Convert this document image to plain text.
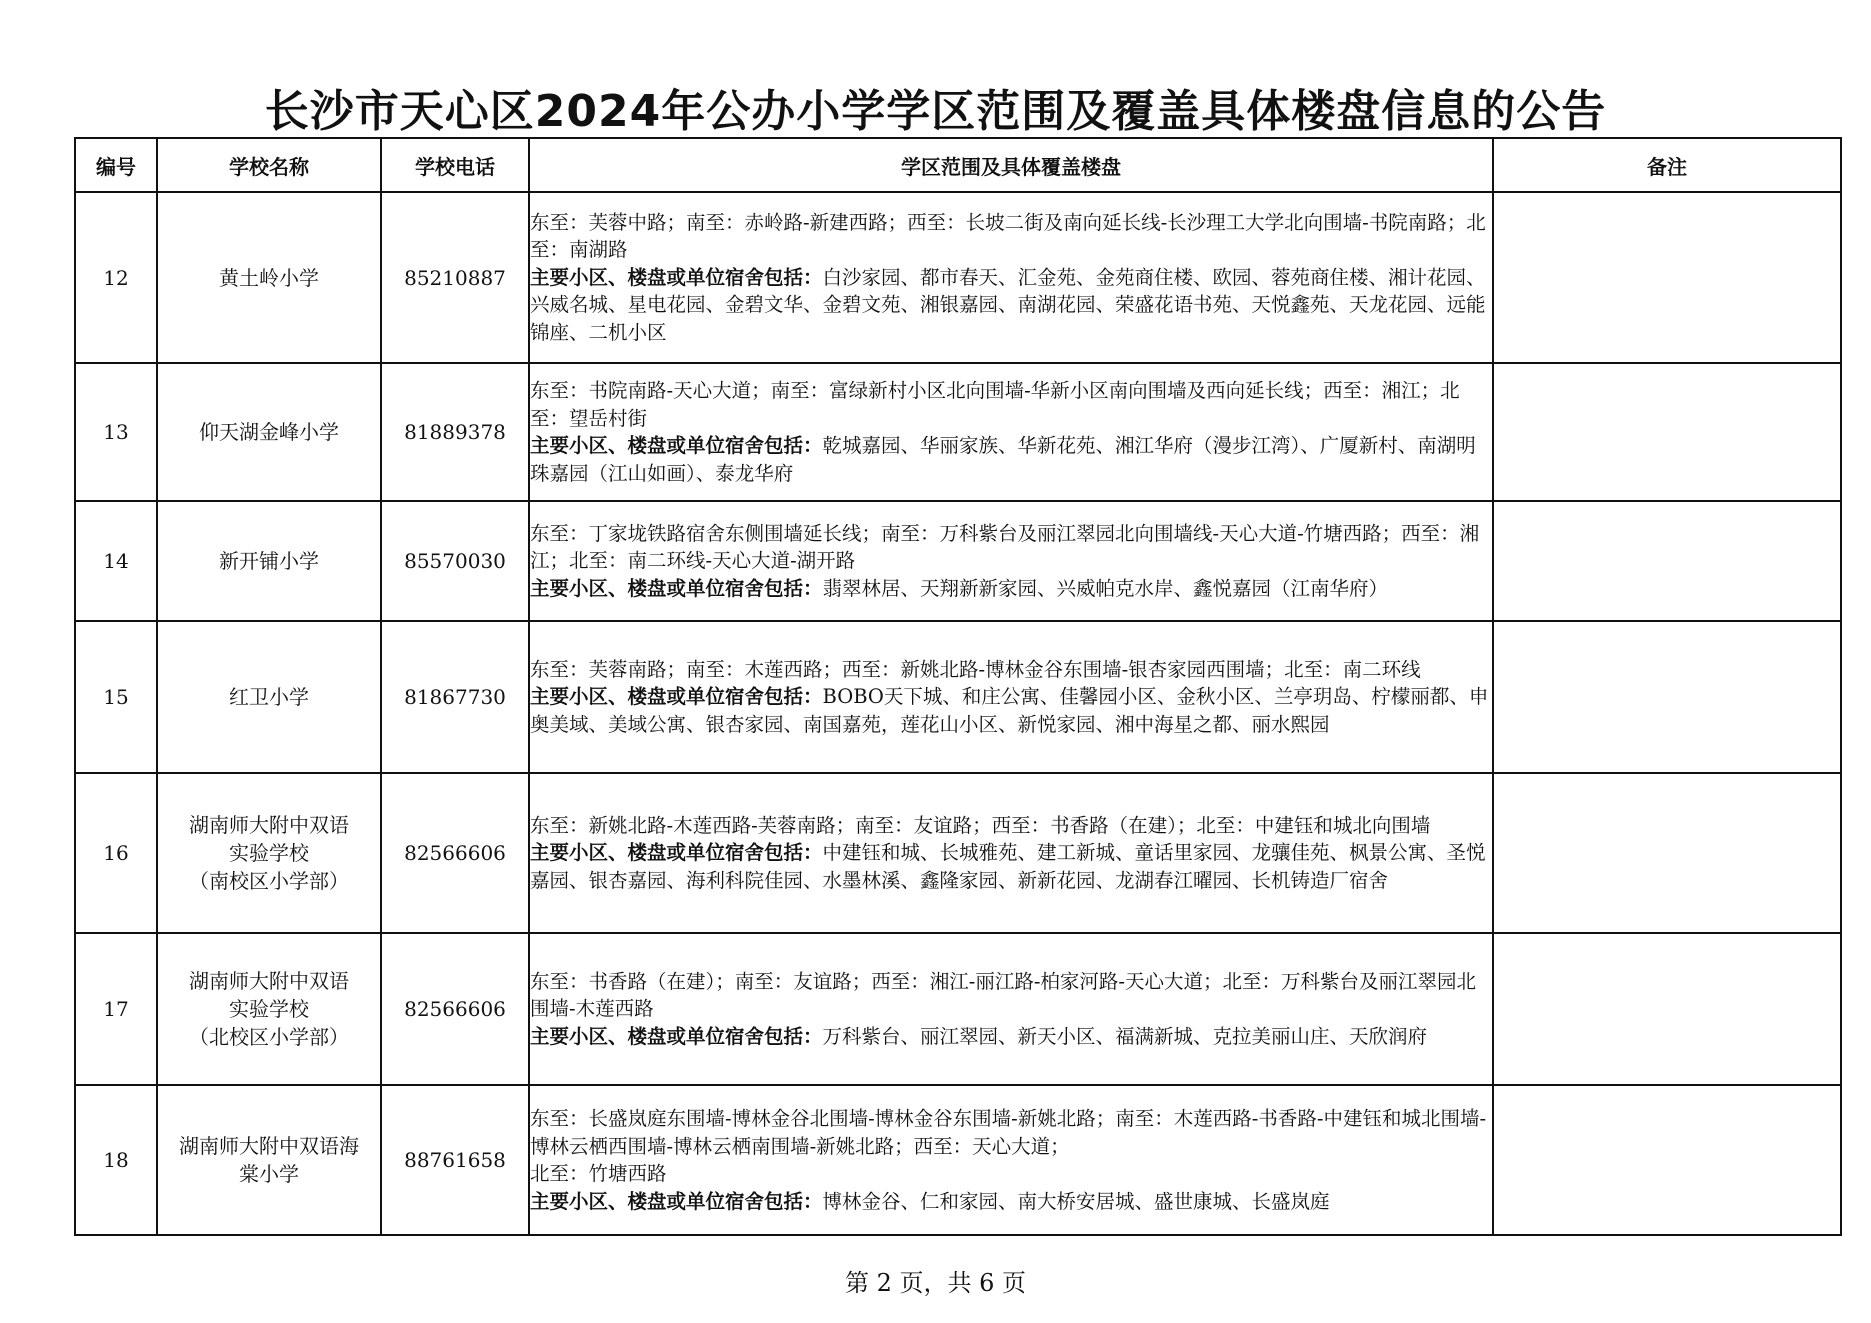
长沙市天心区2024年公办小学学区范围及覆盖具体楼盘信息的公告
编号	学校名称	学校电话	学区范围及具体覆盖楼盘	备注
12	黄土岭小学	85210887	东至：芙蓉中路；南至：赤岭路-新建西路；西至：长坡二街及南向延长线-长沙理工大学北向围墙-书院南路；北至：南湖路
主要小区、楼盘或单位宿舍包括：白沙家园、都市春天、汇金苑、金苑商住楼、欧园、蓉苑商住楼、湘计花园、兴威名城、星电花园、金碧文华、金碧文苑、湘银嘉园、南湖花园、荣盛花语书苑、天悦鑫苑、天龙花园、远能锦座、二机小区	
13	仰天湖金峰小学	81889378	东至：书院南路-天心大道；南至：富绿新村小区北向围墙-华新小区南向围墙及西向延长线；西至：湘江；北至：望岳村街
主要小区、楼盘或单位宿舍包括：乾城嘉园、华丽家族、华新花苑、湘江华府（漫步江湾）、广厦新村、南湖明珠嘉园（江山如画）、泰龙华府	
14	新开铺小学	85570030	东至：丁家垅铁路宿舍东侧围墙延长线；南至：万科紫台及丽江翠园北向围墙线-天心大道-竹塘西路；西至：湘江；北至：南二环线-天心大道-湖开路
主要小区、楼盘或单位宿舍包括：翡翠林居、天翔新新家园、兴威帕克水岸、鑫悦嘉园（江南华府）	
15	红卫小学	81867730	东至：芙蓉南路；南至：木莲西路；西至：新姚北路-博林金谷东围墙-银杏家园西围墙；北至：南二环线
主要小区、楼盘或单位宿舍包括：BOBO天下城、和庄公寓、佳馨园小区、金秋小区、兰亭玥岛、柠檬丽都、申奥美域、美域公寓、银杏家园、南国嘉苑，莲花山小区、新悦家园、湘中海星之都、丽水熙园	
16	湖南师大附中双语
实验学校
（南校区小学部）	82566606	东至：新姚北路-木莲西路-芙蓉南路；南至：友谊路；西至：书香路（在建）；北至：中建钰和城北向围墙
主要小区、楼盘或单位宿舍包括：中建钰和城、长城雅苑、建工新城、童话里家园、龙骧佳苑、枫景公寓、圣悦嘉园、银杏嘉园、海利科院佳园、水墨林溪、鑫隆家园、新新花园、龙湖春江曜园、长机铸造厂宿舍	
17	湖南师大附中双语
实验学校
（北校区小学部）	82566606	东至：书香路（在建）；南至：友谊路；西至：湘江-丽江路-柏家河路-天心大道；北至：万科紫台及丽江翠园北围墙-木莲西路
主要小区、楼盘或单位宿舍包括：万科紫台、丽江翠园、新天小区、福满新城、克拉美丽山庄、天欣润府	
18	湖南师大附中双语海
棠小学	88761658	东至：长盛岚庭东围墙-博林金谷北围墙-博林金谷东围墙-新姚北路；南至：木莲西路-书香路-中建钰和城北围墙-博林云栖西围墙-博林云栖南围墙-新姚北路；西至：天心大道；
北至：竹塘西路
主要小区、楼盘或单位宿舍包括：博林金谷、仁和家园、南大桥安居城、盛世康城、长盛岚庭	
第 2 页，共 6 页
